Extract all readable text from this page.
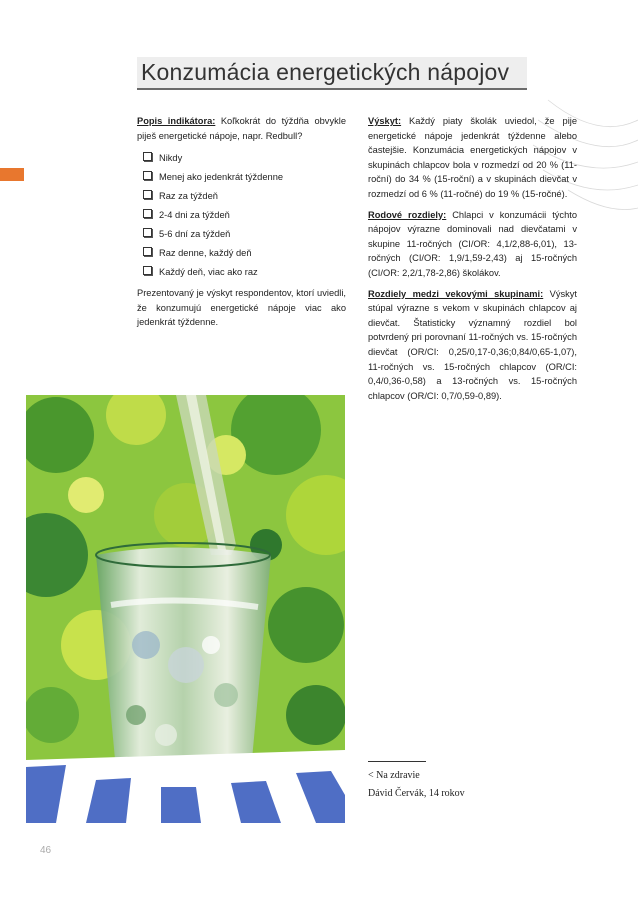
Konzumácia energetických nápojov

Popis indikátora: Koľkokrát do týždňa obvykle piješ energetické nápoje, napr. Redbull?

Nikdy
Menej ako jedenkrát týždenne
Raz za týždeň
2-4 dni za týždeň
5-6 dní za týždeň
Raz denne, každý deň
Každý deň, viac ako raz

Prezentovaný je výskyt respondentov, ktorí uviedli, že konzumujú energetické nápoje viac ako jedenkrát týždenne.

Výskyt: Každý piaty školák uviedol, že pije energetické nápoje jedenkrát týždenne alebo častejšie. Konzumácia energetických nápojov v skupinách chlapcov bola v rozmedzí od 20 % (11-roční) do 34 % (15-roční) a v skupinách dievčat v rozmedzí od 6 % (11-ročné) do 19 % (15-ročné).

Rodové rozdiely: Chlapci v konzumácii týchto nápojov výrazne dominovali nad dievčatami v skupine 11-ročných (CI/OR: 4,1/2,88-6,01), 13-ročných (CI/OR: 1,9/1,59-2,43) aj 15-ročných (CI/OR: 2,2/1,78-2,86) školákov.

Rozdiely medzi vekovými skupinami: Výskyt stúpal výrazne s vekom v skupinách chlapcov aj dievčat. Štatisticky významný rozdiel bol potvrdený pri porovnaní 11-ročných vs. 15-ročných dievčat (OR/CI: 0,25/0,17-0,36;0,84/0,65-1,07), 11-ročných vs. 15-ročných chlapcov (OR/CI: 0,4/0,36-0,58) a 13-ročných vs. 15-ročných chlapcov (OR/CI: 0,7/0,59-0,89).

< Na zdravie
Dávid Červák, 14 rokov
46
